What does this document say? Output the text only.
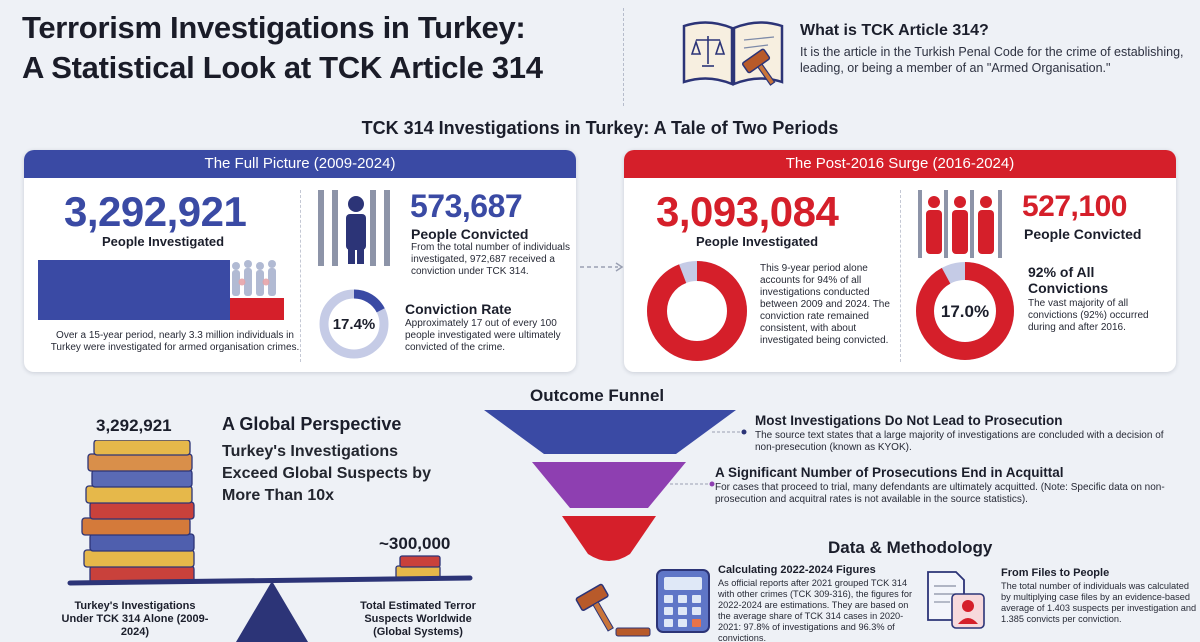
Terrorism Investigations in Turkey:
A Statistical Look at TCK Article 314
What is TCK Article 314?
It is the article in the Turkish Penal Code for the crime of establishing, leading, or being a member of an "Armed Organisation."
TCK 314 Investigations in Turkey: A Tale of Two Periods
The Full Picture (2009-2024)
3,292,921
People Investigated
Over a 15-year period, nearly 3.3 million individuals in Turkey were investigated for armed organisation crimes.
573,687
People Convicted
From the total number of individuals investigated, 972,687 received a conviction under TCK 314.
17.4%
Conviction Rate
Approximately 17 out of every 100 people investigated were ultimately convicted of the crime.
The Post-2016 Surge (2016-2024)
3,093,084
People Investigated
This 9-year period alone accounts for 94% of all investigations conducted between 2009 and 2024. The conviction rate remained consistent, with about investigated being convicted.
527,100
People Convicted
17.0%
92% of All Convictions
The vast majority of all convictions (92%) occurred during and after 2016.
3,292,921	A Global Perspective
Turkey's Investigations Exceed Global Suspects by More Than 10x
~300,000
Turkey's Investigations Under TCK 314 Alone (2009-2024)
Total Estimated Terror Suspects Worldwide (Global Systems)
Outcome Funnel
Most Investigations Do Not Lead to Prosecution
The source text states that a large majority of investigations are concluded with a decision of non-presecution (known as KYOK).
A Significant Number of Prosecutions End in Acquittal
For cases that proceed to trial, many defendants are ultimately acquitted. (Note: Specific data on non-prosecution and acquitral rates is not available in the source statistics).
Data & Methodology
Calculating 2022-2024 Figures
As official reports after 2021 grouped TCK 314 with other crimes (TCK 309-316), the figures for 2022-2024 are estimations. They are based on the average share of TCK 314 cases in 2020-2021: 97.8% of investigations and 96.3% of convictions.
From Files to People
The total number of individuals was calculated by multiplying case files by an evidence-based average of 1.403 suspects per investigation and 1.385 convicts per conviction.
